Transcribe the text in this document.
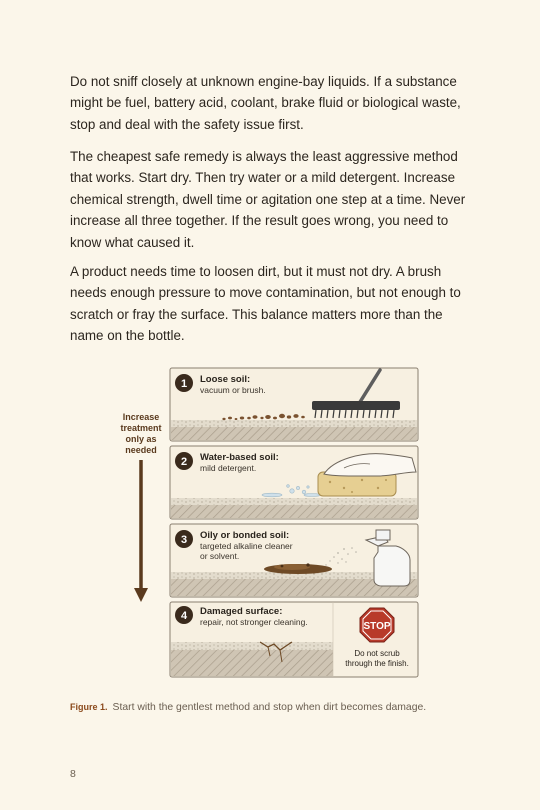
Do not sniff closely at unknown engine-bay liquids. If a substance might be fuel, battery acid, coolant, brake fluid or biological waste, stop and deal with the safety issue first.

The cheapest safe remedy is always the least aggressive method that works. Start dry. Then try water or a mild detergent. Increase chemical strength, dwell time or agitation one step at a time. Never increase all three together. If the result goes wrong, you need to know what caused it.

A product needs time to loosen dirt, but it must not dry. A brush needs enough pressure to move contamination, but not enough to scratch or fray the surface. This balance matters more than the name on the bottle.

Increase
treatment
only as
needed
1 Loose soil:
vacuum or brush.
2 Water-based soil:
mild detergent.
3 Oily or bonded soil:
targeted alkaline cleaner
or solvent.
STOP
Do not scrub
through the finish.
4 Damaged surface:
repair, not stronger cleaning.
Figure 1. Start with the gentlest method and stop when dirt becomes damage.
8
